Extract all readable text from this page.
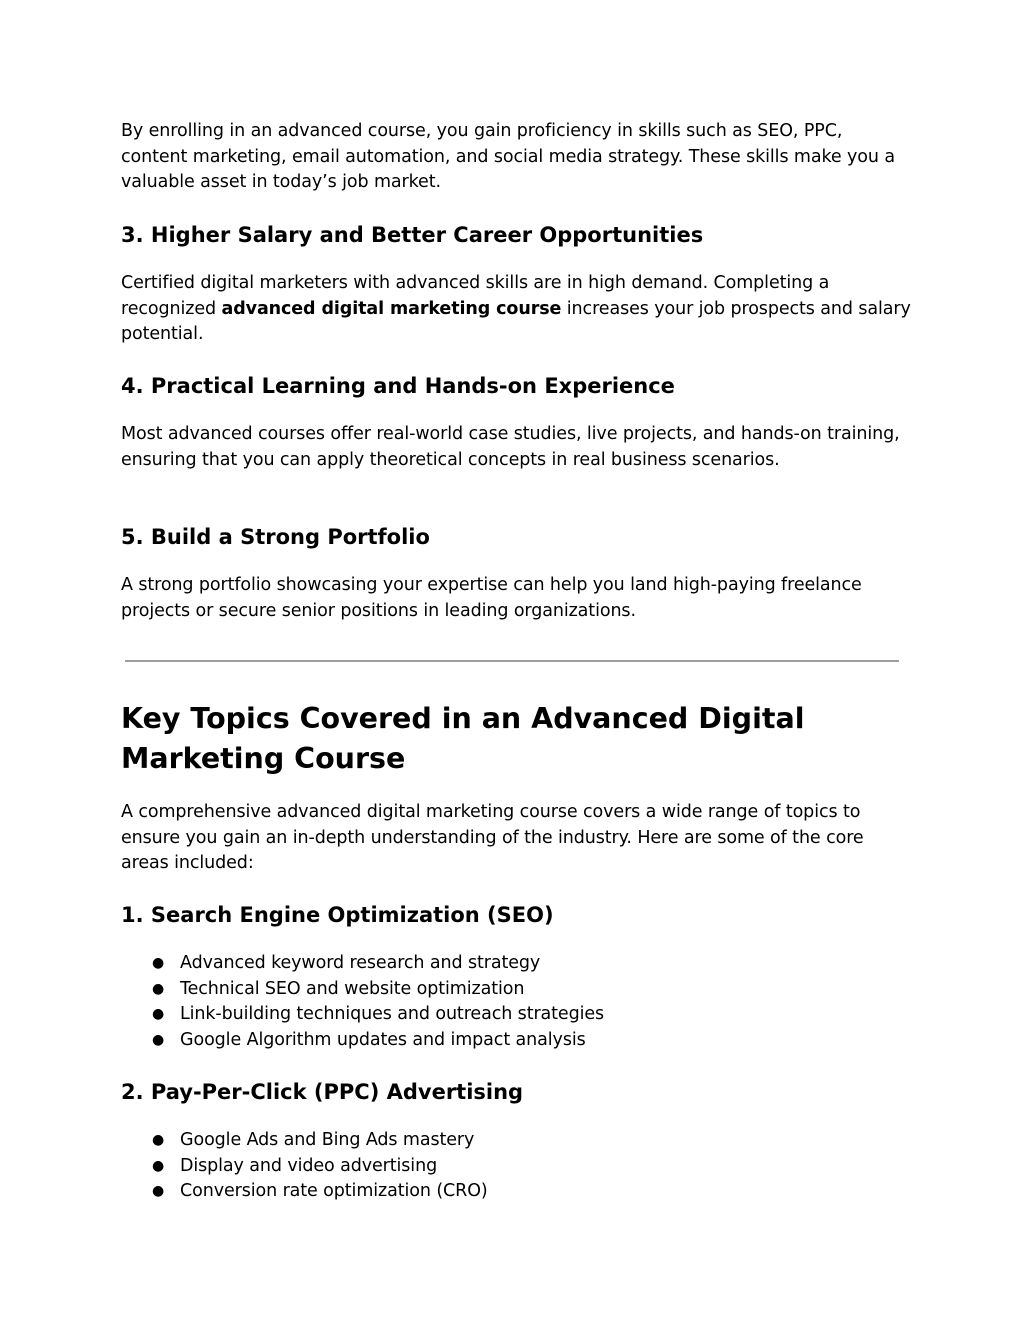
By enrolling in an advanced course, you gain proficiency in skills such as SEO, PPC, content marketing, email automation, and social media strategy. These skills make you a valuable asset in today’s job market.

3. Higher Salary and Better Career Opportunities

Certified digital marketers with advanced skills are in high demand. Completing a recognized advanced digital marketing course increases your job prospects and salary potential.

4. Practical Learning and Hands-on Experience

Most advanced courses offer real-world case studies, live projects, and hands-on training, ensuring that you can apply theoretical concepts in real business scenarios.

5. Build a Strong Portfolio

A strong portfolio showcasing your expertise can help you land high-paying freelance projects or secure senior positions in leading organizations.

Key Topics Covered in an Advanced Digital Marketing Course

A comprehensive advanced digital marketing course covers a wide range of topics to ensure you gain an in-depth understanding of the industry. Here are some of the core areas included:

1. Search Engine Optimization (SEO)
● Advanced keyword research and strategy
● Technical SEO and website optimization
● Link-building techniques and outreach strategies
● Google Algorithm updates and impact analysis
2. Pay-Per-Click (PPC) Advertising
● Google Ads and Bing Ads mastery
● Display and video advertising
● Conversion rate optimization (CRO)
